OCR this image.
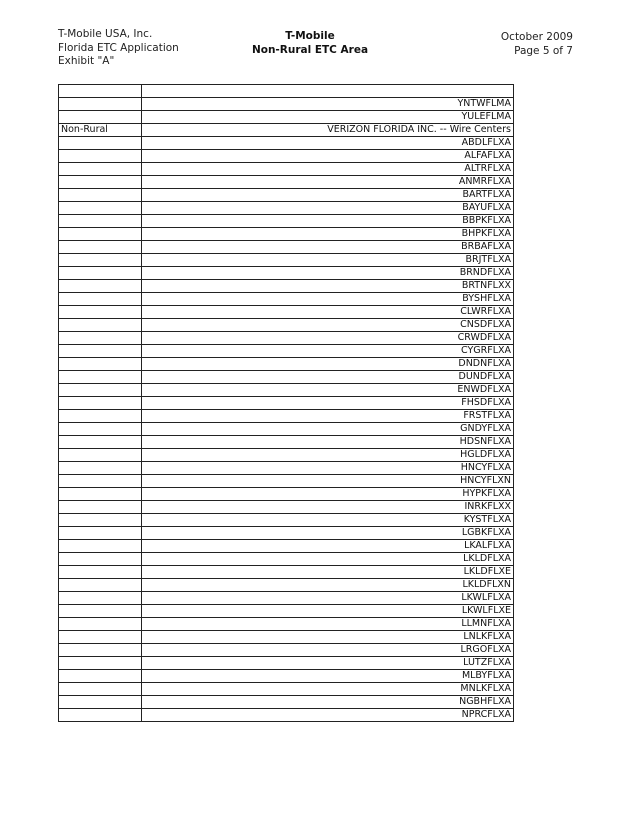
T-Mobile USA, Inc.
Florida ETC Application
Exhibit "A"
T-Mobile
Non-Rural ETC Area
October 2009
Page 5 of 7

	YNTWFLMA
	YULEFLMA
Non-Rural	VERIZON FLORIDA INC. -- Wire Centers
	ABDLFLXA
	ALFAFLXA
	ALTRFLXA
	ANMRFLXA
	BARTFLXA
	BAYUFLXA
	BBPKFLXA
	BHPKFLXA
	BRBAFLXA
	BRJTFLXA
	BRNDFLXA
	BRTNFLXX
	BYSHFLXA
	CLWRFLXA
	CNSDFLXA
	CRWDFLXA
	CYGRFLXA
	DNDNFLXA
	DUNDFLXA
	ENWDFLXA
	FHSDFLXA
	FRSTFLXA
	GNDYFLXA
	HDSNFLXA
	HGLDFLXA
	HNCYFLXA
	HNCYFLXN
	HYPKFLXA
	INRKFLXX
	KYSTFLXA
	LGBKFLXA
	LKALFLXA
	LKLDFLXA
	LKLDFLXE
	LKLDFLXN
	LKWLFLXA
	LKWLFLXE
	LLMNFLXA
	LNLKFLXA
	LRGOFLXA
	LUTZFLXA
	MLBYFLXA
	MNLKFLXA
	NGBHFLXA
	NPRCFLXA
